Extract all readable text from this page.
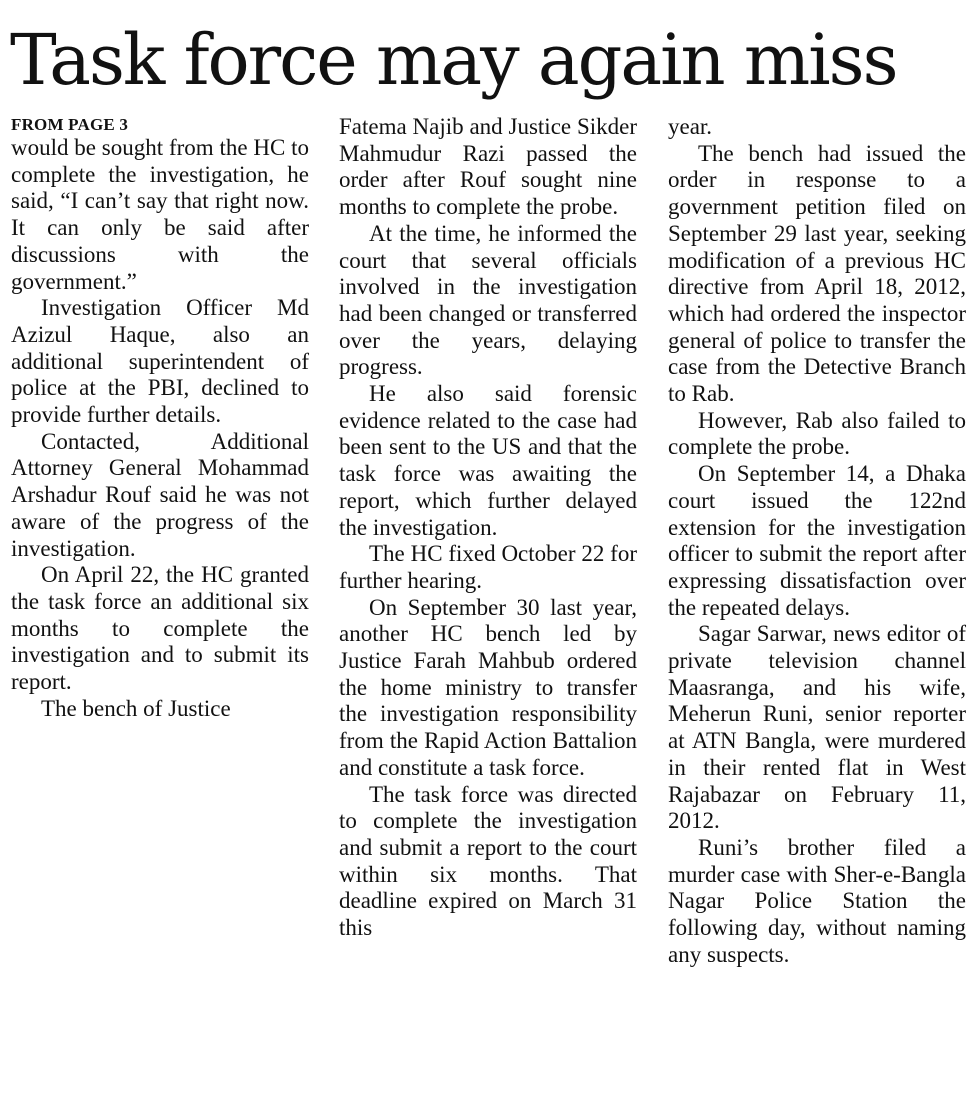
Task force may again miss
FROM PAGE 3

would be sought from the HC to complete the investigation, he said, “I can’t say that right now. It can only be said after discussions with the government.”

Investigation Officer Md Azizul Haque, also an additional superintendent of police at the PBI, declined to provide further details.

Contacted, Additional Attorney General Mohammad Arshadur Rouf said he was not aware of the progress of the investigation.

On April 22, the HC granted the task force an additional six months to complete the investigation and to submit its report.

The bench of Justice

Fatema Najib and Justice Sikder Mahmudur Razi passed the order after Rouf sought nine months to complete the probe.

At the time, he informed the court that several officials involved in the investigation had been changed or transferred over the years, delaying progress.

He also said forensic evidence related to the case had been sent to the US and that the task force was awaiting the report, which further delayed the investigation.

The HC fixed October 22 for further hearing.

On September 30 last year, another HC bench led by Justice Farah Mahbub ordered the home ministry to transfer the investigation responsibility from the Rapid Action Battalion and constitute a task force.

The task force was directed to complete the investigation and submit a report to the court within six months. That deadline expired on March 31 this

year.

The bench had issued the order in response to a government petition filed on September 29 last year, seeking modification of a previous HC directive from April 18, 2012, which had ordered the inspector general of police to transfer the case from the Detective Branch to Rab.

However, Rab also failed to complete the probe.

On September 14, a Dhaka court issued the 122nd extension for the investigation officer to submit the report after expressing dissatisfaction over the repeated delays.

Sagar Sarwar, news editor of private television channel Maasranga, and his wife, Meherun Runi, senior reporter at ATN Bangla, were murdered in their rented flat in West Rajabazar on February 11, 2012.

Runi’s brother filed a murder case with Sher-e-Bangla Nagar Police Station the following day, without naming any suspects.
